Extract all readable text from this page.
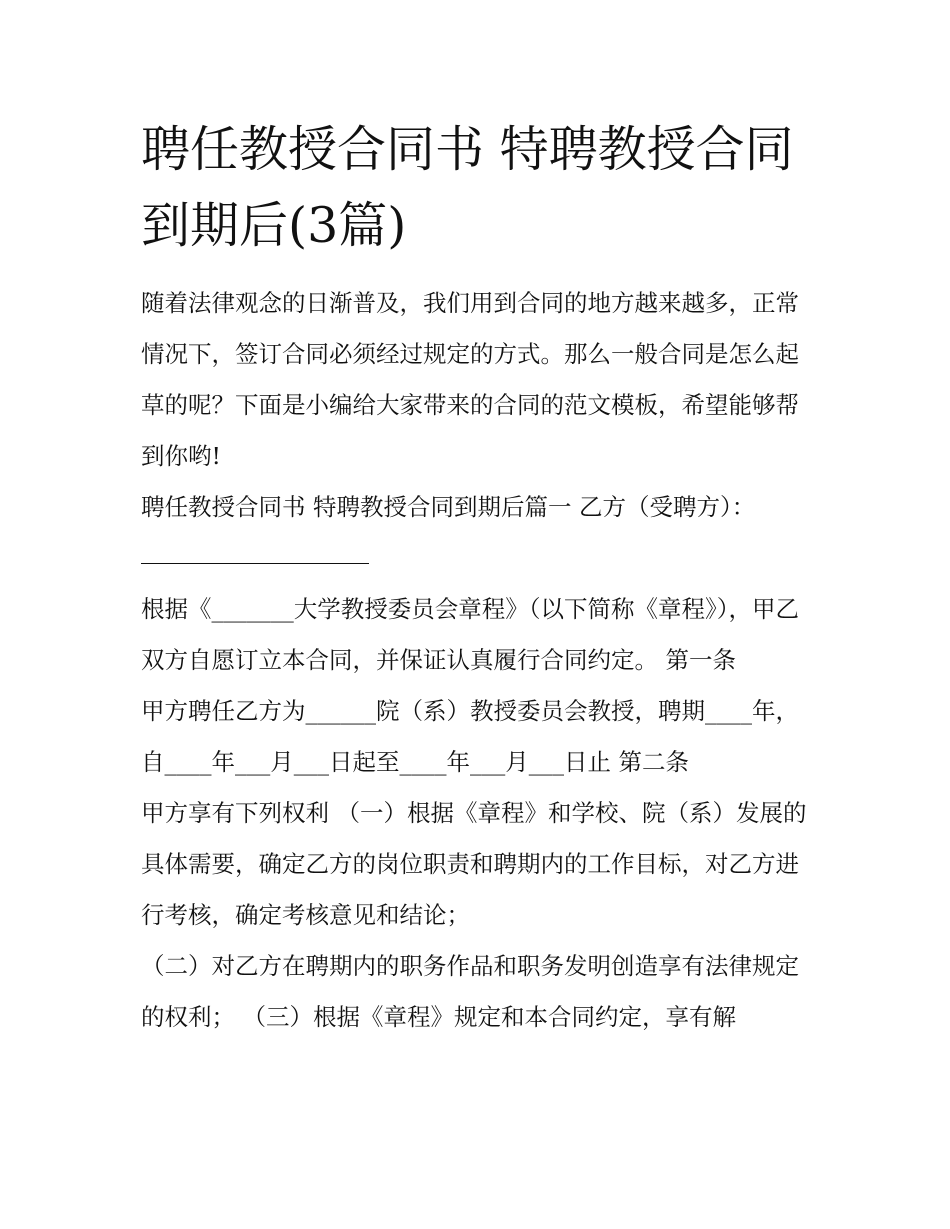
聘任教授合同书 特聘教授合同到期后(3篇)

随着法律观念的日渐普及，我们用到合同的地方越来越多，正常情况下，签订合同必须经过规定的方式。那么一般合同是怎么起草的呢？下面是小编给大家带来的合同的范文模板，希望能够帮到你哟!

聘任教授合同书 特聘教授合同到期后篇一 乙方（受聘方）：

根据《_______大学教授委员会章程》（以下简称《章程》），甲乙双方自愿订立本合同，并保证认真履行合同约定。 第一条

甲方聘任乙方为______院（系）教授委员会教授，聘期____年，自____年___月___日起至____年___月___日止 第二条

甲方享有下列权利 （一）根据《章程》和学校、院（系）发展的具体需要，确定乙方的岗位职责和聘期内的工作目标，对乙方进行考核，确定考核意见和结论；

（二）对乙方在聘期内的职务作品和职务发明创造享有法律规定的权利； （三）根据《章程》规定和本合同约定，享有解
